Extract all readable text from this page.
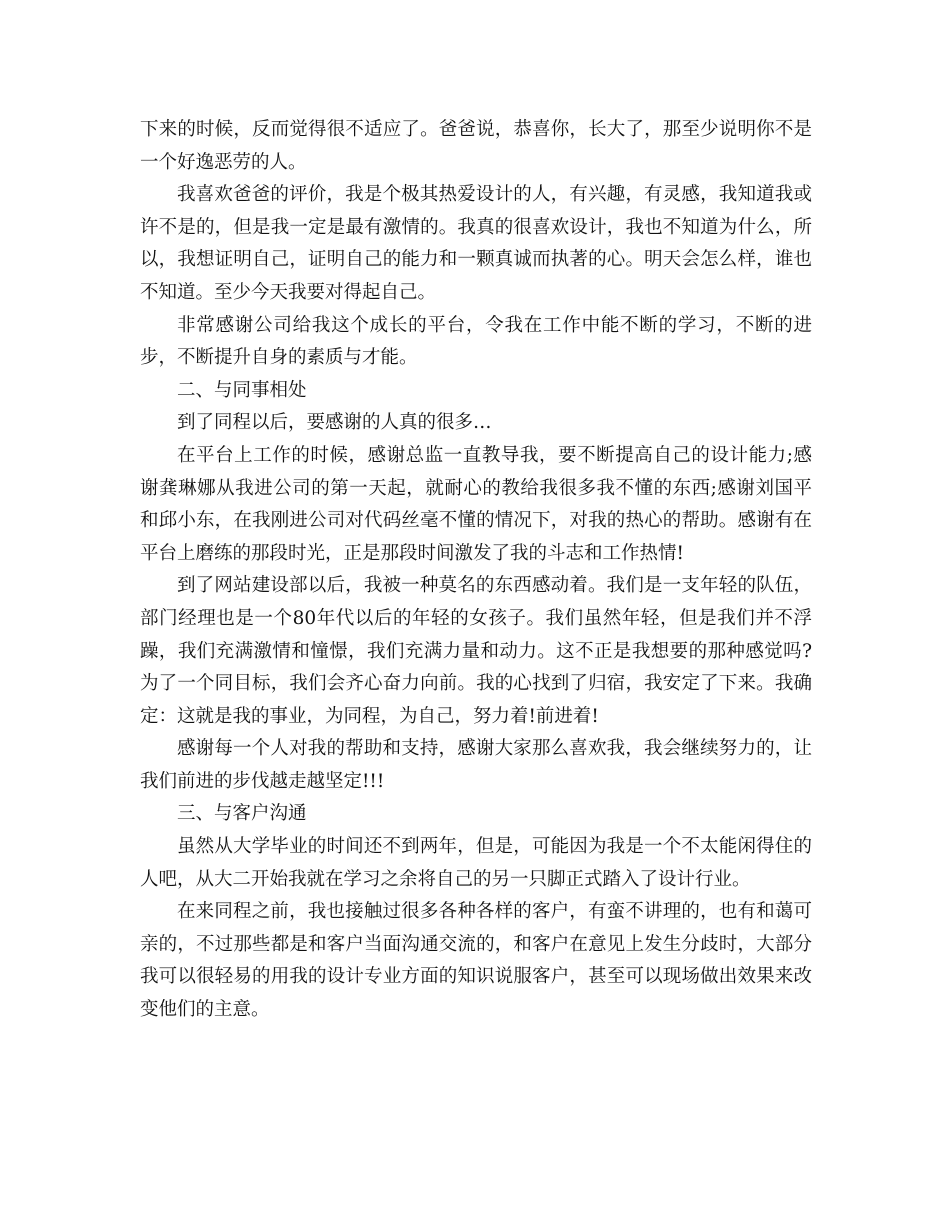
下来的时候，反而觉得很不适应了。爸爸说，恭喜你，长大了，那至少说明你不是一个好逸恶劳的人。

我喜欢爸爸的评价，我是个极其热爱设计的人，有兴趣，有灵感，我知道我或许不是的，但是我一定是最有激情的。我真的很喜欢设计，我也不知道为什么，所以，我想证明自己，证明自己的能力和一颗真诚而执著的心。明天会怎么样，谁也不知道。至少今天我要对得起自己。

非常感谢公司给我这个成长的平台，令我在工作中能不断的学习，不断的进步，不断提升自身的素质与才能。

二、与同事相处

到了同程以后，要感谢的人真的很多…

在平台上工作的时候，感谢总监一直教导我，要不断提高自己的设计能力;感谢龚琳娜从我进公司的第一天起，就耐心的教给我很多我不懂的东西;感谢刘国平和邱小东，在我刚进公司对代码丝毫不懂的情况下，对我的热心的帮助。感谢有在平台上磨练的那段时光，正是那段时间激发了我的斗志和工作热情!

到了网站建设部以后，我被一种莫名的东西感动着。我们是一支年轻的队伍，部门经理也是一个80年代以后的年轻的女孩子。我们虽然年轻，但是我们并不浮躁，我们充满激情和憧憬，我们充满力量和动力。这不正是我想要的那种感觉吗?为了一个同目标，我们会齐心奋力向前。我的心找到了归宿，我安定了下来。我确定：这就是我的事业，为同程，为自己，努力着!前进着!

感谢每一个人对我的帮助和支持，感谢大家那么喜欢我，我会继续努力的，让我们前进的步伐越走越坚定!!!

三、与客户沟通

虽然从大学毕业的时间还不到两年，但是，可能因为我是一个不太能闲得住的人吧，从大二开始我就在学习之余将自己的另一只脚正式踏入了设计行业。

在来同程之前，我也接触过很多各种各样的客户，有蛮不讲理的，也有和蔼可亲的，不过那些都是和客户当面沟通交流的，和客户在意见上发生分歧时，大部分我可以很轻易的用我的设计专业方面的知识说服客户，甚至可以现场做出效果来改变他们的主意。
